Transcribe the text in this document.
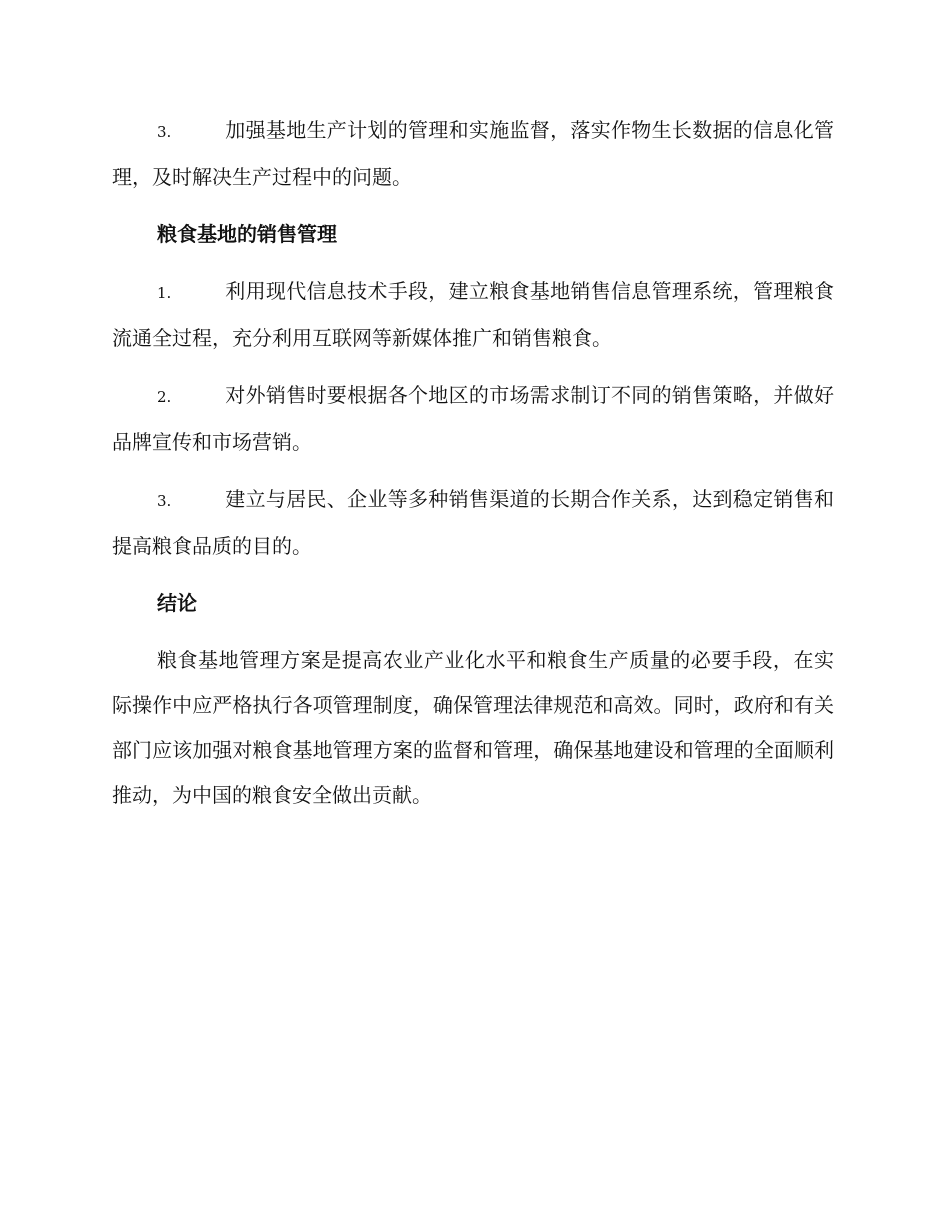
3.	加强基地生产计划的管理和实施监督，落实作物生长数据的信息化管理，及时解决生产过程中的问题。

粮食基地的销售管理

1.	利用现代信息技术手段，建立粮食基地销售信息管理系统，管理粮食流通全过程，充分利用互联网等新媒体推广和销售粮食。

2.	对外销售时要根据各个地区的市场需求制订不同的销售策略，并做好品牌宣传和市场营销。

3.	建立与居民、企业等多种销售渠道的长期合作关系，达到稳定销售和提高粮食品质的目的。

结论

粮食基地管理方案是提高农业产业化水平和粮食生产质量的必要手段，在实际操作中应严格执行各项管理制度，确保管理法律规范和高效。同时，政府和有关部门应该加强对粮食基地管理方案的监督和管理，确保基地建设和管理的全面顺利推动，为中国的粮食安全做出贡献。
